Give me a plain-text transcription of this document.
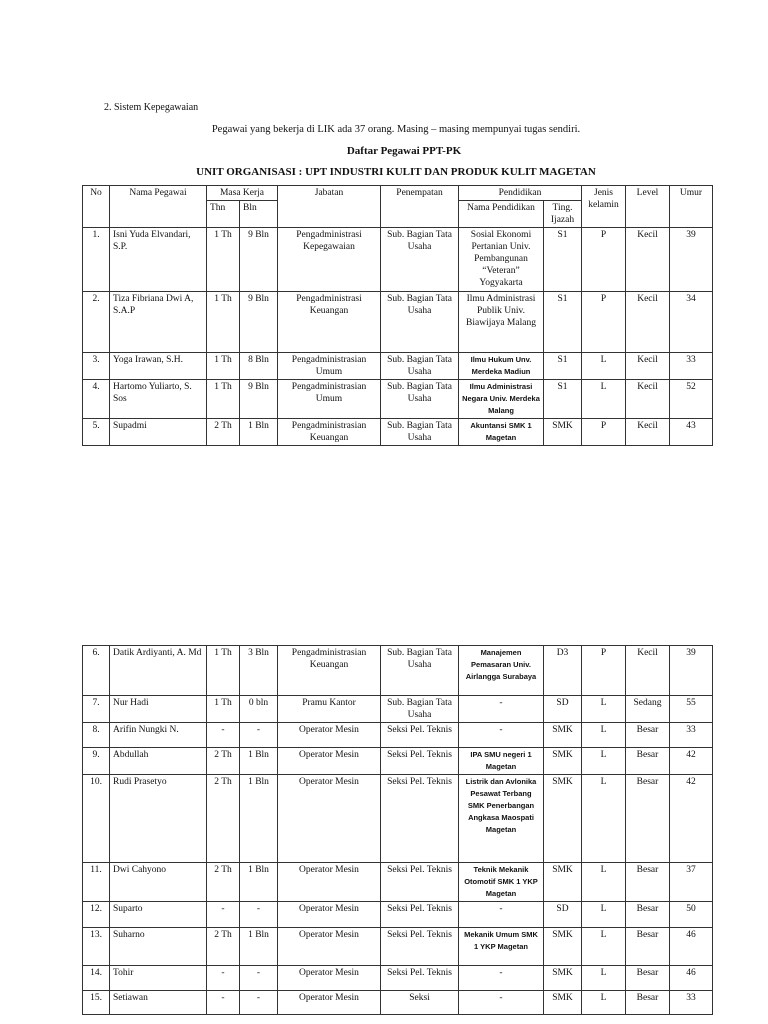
2. Sistem Kepegawaian
Pegawai yang bekerja di LIK ada 37 orang. Masing – masing mempunyai tugas sendiri.
Daftar Pegawai PPT-PK
UNIT ORGANISASI : UPT INDUSTRI KULIT DAN PRODUK KULIT MAGETAN
No	Nama Pegawai	Masa Kerja		Jabatan	Penempatan	Pendidikan		Jenis kelamin	Level	Umur
		Thn	Bln			Nama Pendidikan	Ting. Ijazah			
1.	Isni Yuda Elvandari, S.P.	1 Th	9 Bln	Pengadministrasi Kepegawaian	Sub. Bagian Tata Usaha	Sosial Ekonomi Pertanian Univ. Pembangunan “Veteran” Yogyakarta	S1	P	Kecil	39
2.	Tiza Fibriana Dwi A, S.A.P	1 Th	9 Bln	Pengadministrasi Keuangan	Sub. Bagian Tata Usaha	Ilmu Administrasi Publik Univ. Biawijaya Malang	S1	P	Kecil	34
3.	Yoga Irawan, S.H.	1 Th	8 Bln	Pengadministrasian Umum	Sub. Bagian Tata Usaha	Ilmu Hukum Unv. Merdeka Madiun	S1	L	Kecil	33
4.	Hartomo Yuliarto, S. Sos	1 Th	9 Bln	Pengadministrasian Umum	Sub. Bagian Tata Usaha	Ilmu Administrasi Negara Univ. Merdeka Malang	S1	L	Kecil	52
5.	Supadmi	2 Th	1 Bln	Pengadministrasian Keuangan	Sub. Bagian Tata Usaha	Akuntansi SMK 1 Magetan	SMK	P	Kecil	43
6.	Datik Ardiyanti, A. Md	1 Th	3 Bln	Pengadministrasian Keuangan	Sub. Bagian Tata Usaha	Manajemen Pemasaran Univ. Airlangga Surabaya	D3	P	Kecil	39
7.	Nur Hadi	1 Th	0 bln	Pramu Kantor	Sub. Bagian Tata Usaha	-	SD	L	Sedang	55
8.	Arifin Nungki N.	-	-	Operator Mesin	Seksi Pel. Teknis	-	SMK	L	Besar	33
9.	Abdullah	2 Th	1 Bln	Operator Mesin	Seksi Pel. Teknis	IPA SMU negeri 1 Magetan	SMK	L	Besar	42
10.	Rudi Prasetyo	2 Th	1 Bln	Operator Mesin	Seksi Pel. Teknis	Listrik dan Avlonika Pesawat Terbang SMK Penerbangan Angkasa Maospati Magetan	SMK	L	Besar	42
11.	Dwi Cahyono	2 Th	1 Bln	Operator Mesin	Seksi Pel. Teknis	Teknik Mekanik Otomotif SMK 1 YKP Magetan	SMK	L	Besar	37
12.	Suparto	-	-	Operator Mesin	Seksi Pel. Teknis	-	SD	L	Besar	50
13.	Suharno	2 Th	1 Bln	Operator Mesin	Seksi Pel. Teknis	Mekanik Umum SMK 1 YKP Magetan	SMK	L	Besar	46
14.	Tohir	-	-	Operator Mesin	Seksi Pel. Teknis	-	SMK	L	Besar	46
15.	Setiawan	-	-	Operator Mesin	Seksi	-	SMK	L	Besar	33
